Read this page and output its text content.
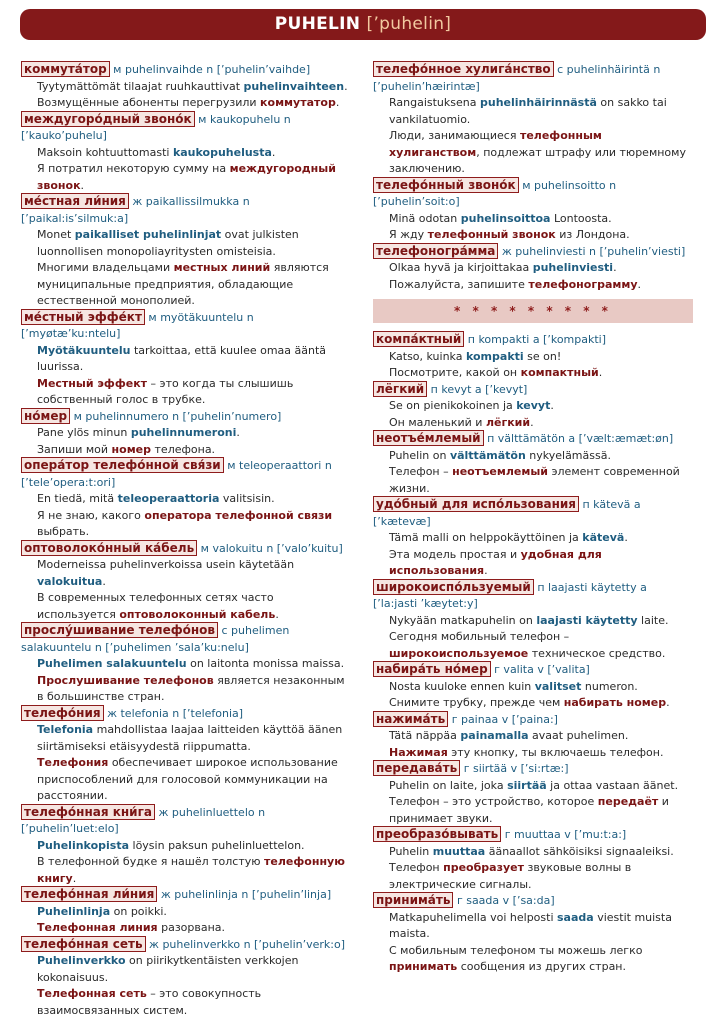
PUHELIN [’puhelin]
коммута́тор м puhelinvaihde n [’puhelin’vaihde]
Tyytymättömät tilaajat ruuhkauttivat puhelinvaihteen.
Возмущённые абоненты перегрузили коммутатор.
междугоро́дный звоно́к м kaukopuhelu n [’kauko’puhelu]
Maksoin kohtuuttomasti kaukopuhelusta.
Я потратил некоторую сумму на междугородный звонок.
ме́стная ли́ния ж paikallissilmukka n [’paikal:is’silmuk:a]
Monet paikalliset puhelinlinjat ovat julkisten luonnollisen monopoliayritysten omisteisia.
Многими владельцами местных линий являются муниципальные предприятия, обладающие естественной монополией.
ме́стный эффе́кт м myötäkuuntelu n [’myøtæ’ku:ntelu]
Myötäkuuntelu tarkoittaa, että kuulee omaa ääntä luurissa.
Местный эффект – это когда ты слышишь собственный голос в трубке.
но́мер м puhelinnumero n [’puhelin’numero]
Pane ylös minun puhelinnumeroni.
Запиши мой номер телефона.
опера́тор телефо́нной свя́зи м teleoperaattori n [’tele’opera:t:ori]
En tiedä, mitä teleoperaattoria valitsisin.
Я не знаю, какого оператора телефонной связи выбрать.
оптоволоко́нный ка́бель м valokuitu n [’valo’kuitu]
Moderneissa puhelinverkoissa usein käytetään valokuitua.
В современных телефонных сетях часто используется оптоволоконный кабель.
прослу́шивание телефо́нов с puhelimen salakuuntelu n [’puhelimen ’sala’ku:nelu]
Puhelimen salakuuntelu on laitonta monissa maissa.
Прослушивание телефонов является незаконным в большинстве стран.
телефо́ния ж telefonia n [’telefonia]
Telefonia mahdollistaa laajaa laitteiden käyttöä äänen siirtämiseksi etäisyydestä riippumatta.
Телефония обеспечивает широкое использование приспособлений для голосовой коммуникации на расстоянии.
телефо́нная кни́га ж puhelinluettelo n [’puhelin’luet:elo]
Puhelinkopista löysin paksun puhelinluettelon.
В телефонной будке я нашёл толстую телефонную книгу.
телефо́нная ли́ния ж puhelinlinja n [’puhelin’linja]
Puhelinlinja on poikki.
Телефонная линия разорвана.
телефо́нная сеть ж puhelinverkko n [’puhelin’verk:o]
Puhelinverkko on piirikytkentäisten verkkojen kokonaisuus.
Телефонная сеть – это совокупность взаимосвязанных систем.
телефо́нное хулига́нство с puhelinhäirintä n [’puhelin’hæirintæ]
Rangaistuksena puhelinhäirinnästä on sakko tai vankilatuomio.
Люди, занимающиеся телефонным хулиганством, подлежат штрафу или тюремному заключению.
телефо́нный звоно́к м puhelinsoitto n [’puhelin’soit:o]
Minä odotan puhelinsoittoa Lontoosta.
Я жду телефонный звонок из Лондона.
телефоногра́мма ж puhelinviesti n [’puhelin’viesti]
Olkaa hyvä ja kirjoittakaa puhelinviesti.
Пожалуйста, запишите телефонограмму.
* * * * * * * * *
компа́ктный п kompakti a [’kompakti]
Katso, kuinka kompakti se on!
Посмотрите, какой он компактный.
лёгкий п kevyt a [’kevyt]
Se on pienikokoinen ja kevyt.
Он маленький и лёгкий.
неотъе́млемый п välttämätön a [’vælt:æmæt:øn]
Puhelin on välttämätön nykyelämässä.
Телефон – неотъемлемый элемент современной жизни.
удо́бный для испо́льзования п kätevä a [’kætevæ]
Tämä malli on helppokäyttöinen ja kätevä.
Эта модель простая и удобная для использования.
широкоиспо́льзуемый п laajasti käytetty a [’la:jasti ’kæytet:y]
Nykyään matkapuhelin on laajasti käytetty laite.
Сегодня мобильный телефон – широкоиспользуемое техническое средство.
набира́ть но́мер г valita v [’valita]
Nosta kuuloke ennen kuin valitset numeron.
Снимите трубку, прежде чем набирать номер.
нажима́ть г painaa v [’paina:]
Tätä näppäa painamalla avaat puhelimen.
Нажимая эту кнопку, ты включаешь телефон.
передава́ть г siirtää v [’si:rtæ:]
Puhelin on laite, joka siirtää ja ottaa vastaan äänet.
Телефон – это устройство, которое передаёт и принимает звуки.
преобразо́вывать г muuttaa v [’mu:t:a:]
Puhelin muuttaa äänaallot sähköisiksi signaaleiksi.
Телефон преобразует звуковые волны в электрические сигналы.
принима́ть г saada v [’sa:da]
Matkapuhelimella voi helposti saada viestit muista maista.
С мобильным телефоном ты можешь легко принимать сообщения из других стран.
